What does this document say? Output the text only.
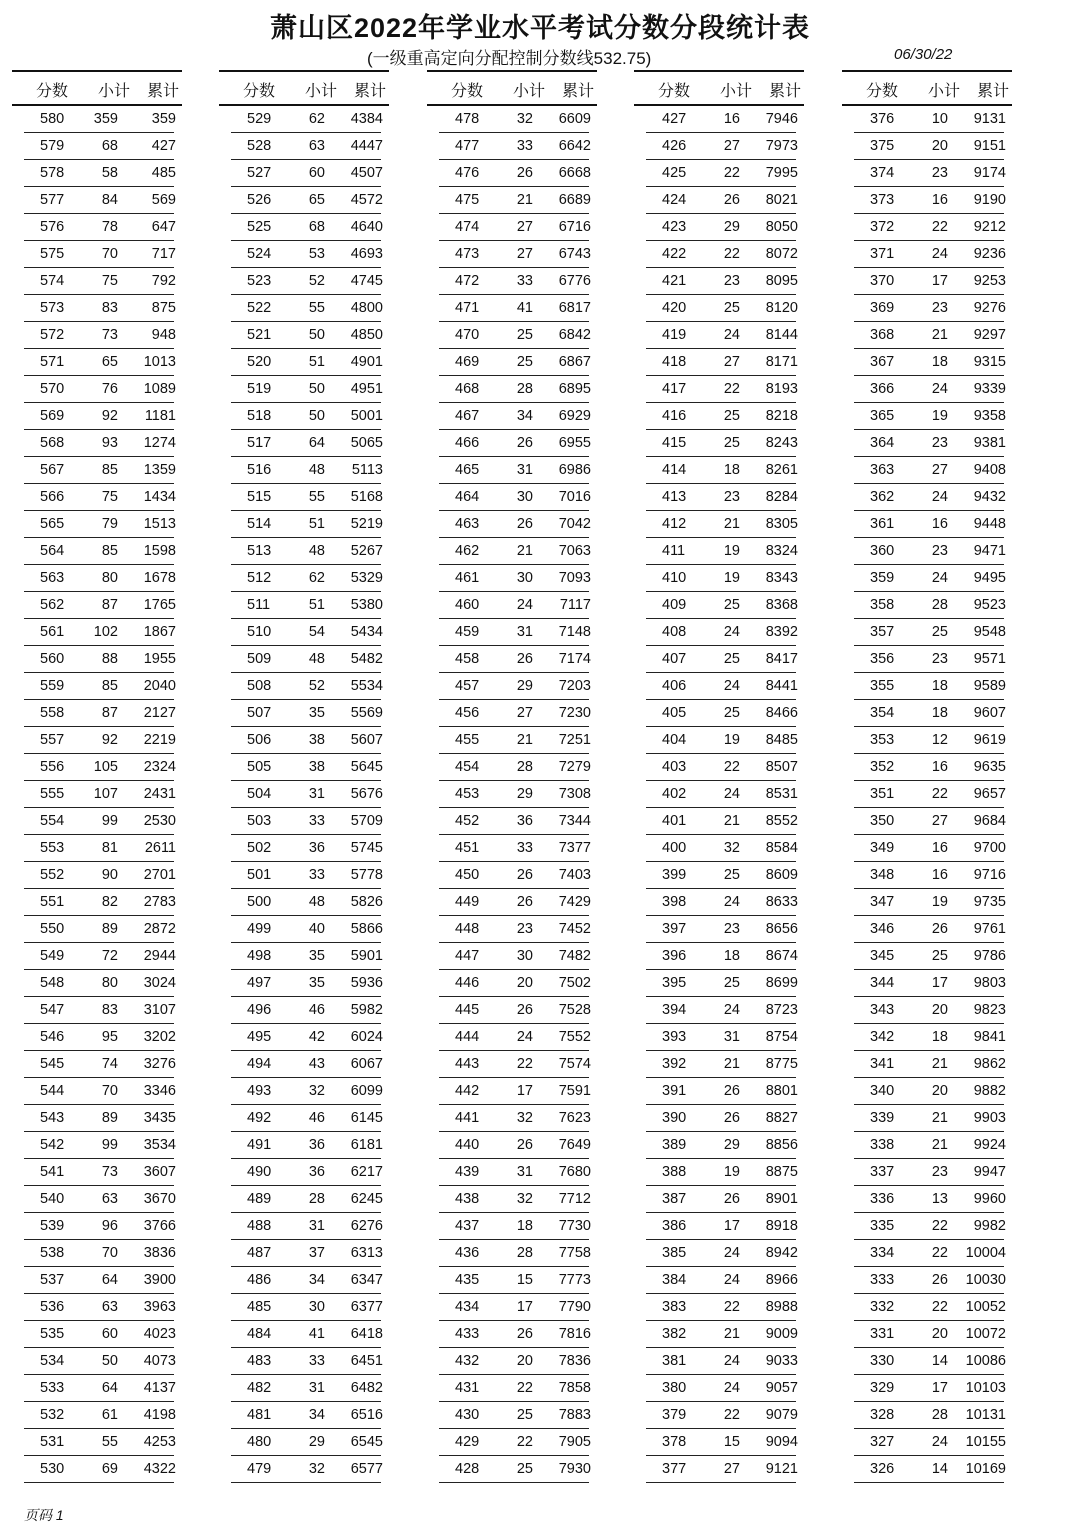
萧山区2022年学业水平考试分数分段统计表
(一级重高定向分配控制分数线532.75)	06/30/22
分数 小计 累计
580	359	359
579	68	427
578	58	485
577	84	569
576	78	647
575	70	717
574	75	792
573	83	875
572	73	948
571	65	1013
570	76	1089
569	92	1181
568	93	1274
567	85	1359
566	75	1434
565	79	1513
564	85	1598
563	80	1678
562	87	1765
561	102	1867
560	88	1955
559	85	2040
558	87	2127
557	92	2219
556	105	2324
555	107	2431
554	99	2530
553	81	2611
552	90	2701
551	82	2783
550	89	2872
549	72	2944
548	80	3024
547	83	3107
546	95	3202
545	74	3276
544	70	3346
543	89	3435
542	99	3534
541	73	3607
540	63	3670
539	96	3766
538	70	3836
537	64	3900
536	63	3963
535	60	4023
534	50	4073
533	64	4137
532	61	4198
531	55	4253
530	69	4322
分数 小计 累计
529	62	4384
528	63	4447
527	60	4507
526	65	4572
525	68	4640
524	53	4693
523	52	4745
522	55	4800
521	50	4850
520	51	4901
519	50	4951
518	50	5001
517	64	5065
516	48	5113
515	55	5168
514	51	5219
513	48	5267
512	62	5329
511	51	5380
510	54	5434
509	48	5482
508	52	5534
507	35	5569
506	38	5607
505	38	5645
504	31	5676
503	33	5709
502	36	5745
501	33	5778
500	48	5826
499	40	5866
498	35	5901
497	35	5936
496	46	5982
495	42	6024
494	43	6067
493	32	6099
492	46	6145
491	36	6181
490	36	6217
489	28	6245
488	31	6276
487	37	6313
486	34	6347
485	30	6377
484	41	6418
483	33	6451
482	31	6482
481	34	6516
480	29	6545
479	32	6577
分数 小计 累计
478	32	6609
477	33	6642
476	26	6668
475	21	6689
474	27	6716
473	27	6743
472	33	6776
471	41	6817
470	25	6842
469	25	6867
468	28	6895
467	34	6929
466	26	6955
465	31	6986
464	30	7016
463	26	7042
462	21	7063
461	30	7093
460	24	7117
459	31	7148
458	26	7174
457	29	7203
456	27	7230
455	21	7251
454	28	7279
453	29	7308
452	36	7344
451	33	7377
450	26	7403
449	26	7429
448	23	7452
447	30	7482
446	20	7502
445	26	7528
444	24	7552
443	22	7574
442	17	7591
441	32	7623
440	26	7649
439	31	7680
438	32	7712
437	18	7730
436	28	7758
435	15	7773
434	17	7790
433	26	7816
432	20	7836
431	22	7858
430	25	7883
429	22	7905
428	25	7930
分数 小计 累计
427	16	7946
426	27	7973
425	22	7995
424	26	8021
423	29	8050
422	22	8072
421	23	8095
420	25	8120
419	24	8144
418	27	8171
417	22	8193
416	25	8218
415	25	8243
414	18	8261
413	23	8284
412	21	8305
411	19	8324
410	19	8343
409	25	8368
408	24	8392
407	25	8417
406	24	8441
405	25	8466
404	19	8485
403	22	8507
402	24	8531
401	21	8552
400	32	8584
399	25	8609
398	24	8633
397	23	8656
396	18	8674
395	25	8699
394	24	8723
393	31	8754
392	21	8775
391	26	8801
390	26	8827
389	29	8856
388	19	8875
387	26	8901
386	17	8918
385	24	8942
384	24	8966
383	22	8988
382	21	9009
381	24	9033
380	24	9057
379	22	9079
378	15	9094
377	27	9121
分数 小计 累计
376	10	9131
375	20	9151
374	23	9174
373	16	9190
372	22	9212
371	24	9236
370	17	9253
369	23	9276
368	21	9297
367	18	9315
366	24	9339
365	19	9358
364	23	9381
363	27	9408
362	24	9432
361	16	9448
360	23	9471
359	24	9495
358	28	9523
357	25	9548
356	23	9571
355	18	9589
354	18	9607
353	12	9619
352	16	9635
351	22	9657
350	27	9684
349	16	9700
348	16	9716
347	19	9735
346	26	9761
345	25	9786
344	17	9803
343	20	9823
342	18	9841
341	21	9862
340	20	9882
339	21	9903
338	21	9924
337	23	9947
336	13	9960
335	22	9982
334	22	10004
333	26	10030
332	22	10052
331	20	10072
330	14	10086
329	17	10103
328	28	10131
327	24	10155
326	14	10169
页码 1
